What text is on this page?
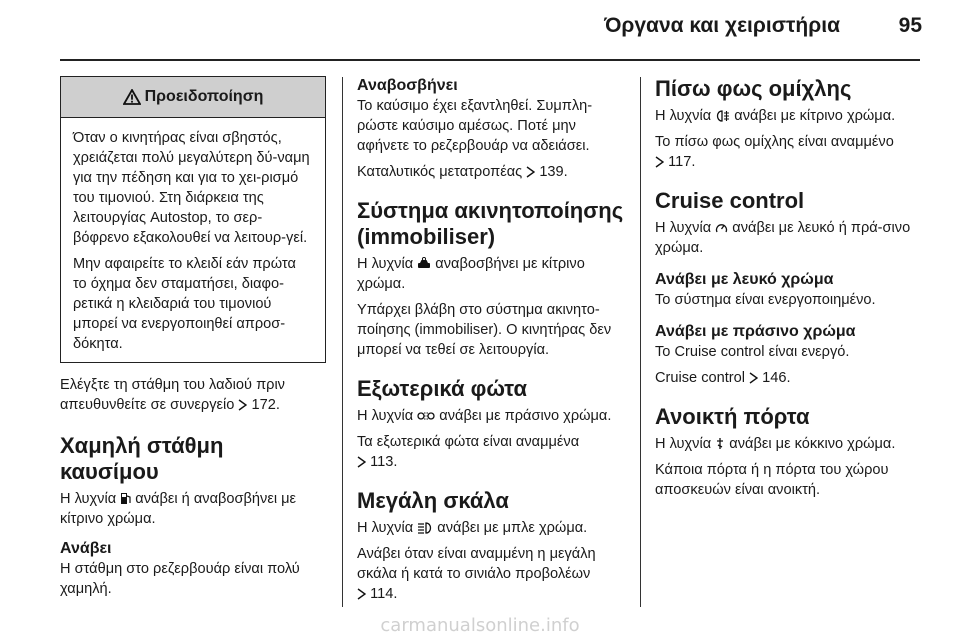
Όργανα και χειριστήρια	95
Προειδοποίηση

Όταν ο κινητήρας είναι σβηστός, χρειάζεται πολύ μεγαλύτερη δύ-ναμη για την πέδηση και για το χει-ρισμό του τιμονιού. Στη διάρκεια της λειτουργίας Autostop, το σερ-βόφρενο εξακολουθεί να λειτουρ-γεί.

Μην αφαιρείτε το κλειδί εάν πρώτα το όχημα δεν σταματήσει, διαφο-ρετικά η κλειδαριά του τιμονιού μπορεί να ενεργοποιηθεί απροσ-δόκητα.

Ελέγξτε τη στάθμη του λαδιού πριν απευθυνθείτε σε συνεργείο 172.

Χαμηλή στάθμη καυσίμου

Η λυχνία ανάβει ή αναβοσβήνει με κίτρινο χρώμα.

Ανάβει

Η στάθμη στο ρεζερβουάρ είναι πολύ χαμηλή.

Αναβοσβήνει

Το καύσιμο έχει εξαντληθεί. Συμπλη-ρώστε καύσιμο αμέσως. Ποτέ μην αφήνετε το ρεζερβουάρ να αδειάσει.

Καταλυτικός μετατροπέας 139.

Σύστημα ακινητοποίησης (immobiliser)

Η λυχνία αναβοσβήνει με κίτρινο χρώμα.

Υπάρχει βλάβη στο σύστημα ακινητο-ποίησης (immobiliser). Ο κινητήρας δεν μπορεί να τεθεί σε λειτουργία.

Εξωτερικά φώτα

Η λυχνία ανάβει με πράσινο χρώμα.

Τα εξωτερικά φώτα είναι αναμμένα
113.

Μεγάλη σκάλα

Η λυχνία ανάβει με μπλε χρώμα.

Ανάβει όταν είναι αναμμένη η μεγάλη σκάλα ή κατά το σινιάλο προβολέων
114.

Πίσω φως ομίχλης

Η λυχνία ανάβει με κίτρινο χρώμα.

Το πίσω φως ομίχλης είναι αναμμένο
117.

Cruise control

Η λυχνία ανάβει με λευκό ή πρά-σινο χρώμα.

Ανάβει με λευκό χρώμα

Το σύστημα είναι ενεργοποιημένο.

Ανάβει με πράσινο χρώμα

Το Cruise control είναι ενεργό.

Cruise control 146.

Ανοικτή πόρτα

Η λυχνία ανάβει με κόκκινο χρώμα.

Κάποια πόρτα ή η πόρτα του χώρου αποσκευών είναι ανοικτή.

carmanualsonline.info
